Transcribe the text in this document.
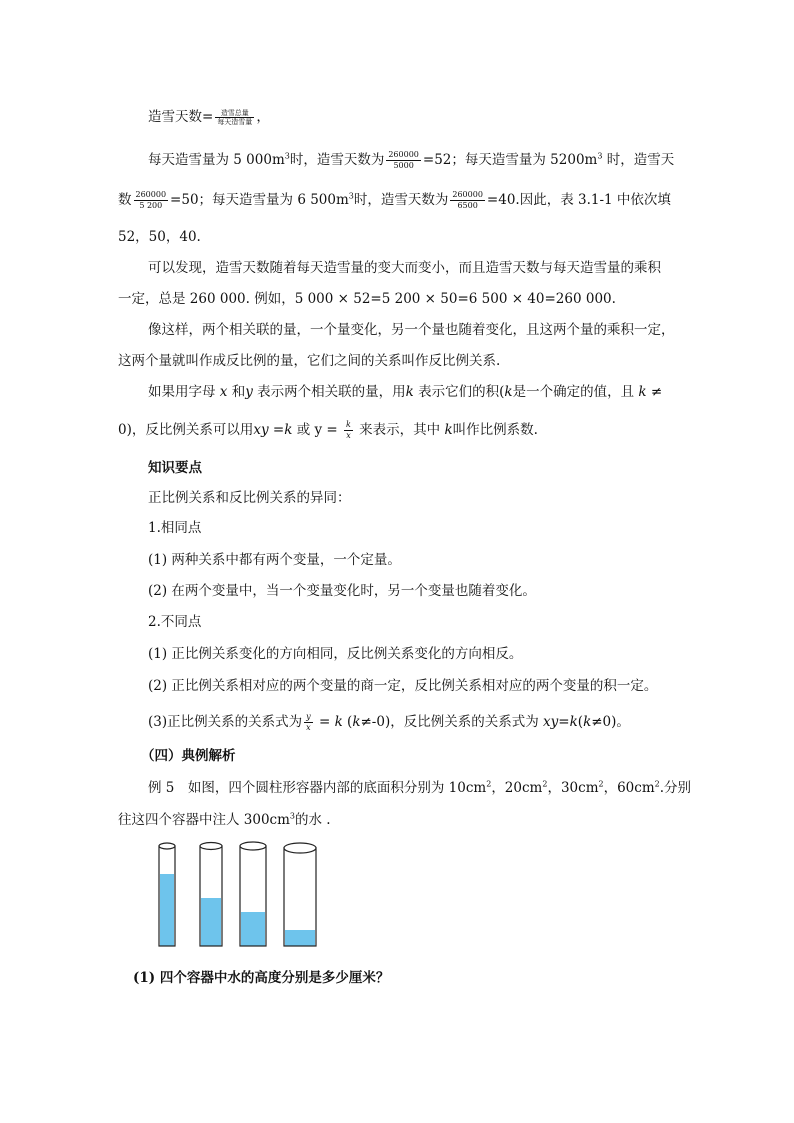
造雪天数= $\frac{\text{造雪总量}}{\text{每天造雪量}}$ ，
每天造雪量为 5 $000m^3$时，造雪天数为 $\frac{260000}{5000} =52$；每天造雪量为 $5200m^3$ 时，造雪天
数 $\frac{260000}{5 200} =50$；每天造雪量为 6 $500m^3$时，造雪天数为 $\frac{260000}{6500} =40$.因此，表 3.1-1 中依次填
52，50，40.
可以发现，造雪天数随着每天造雪量的变大而变小，而且造雪天数与每天造雪量的乘积
一定，总是 260 000. 例如，5 000 × 52=5 200 × 50=6 500 × 40=260 000.
像这样，两个相关联的量，一个量变化，另一个量也随着变化，且这两个量的乘积一定，
这两个量就叫作成反比例的量，它们之间的关系叫作反比例关系.
如果用字母 x 和y 表示两个相关联的量，用k 表示它们的积(k是一个确定的值，且 k ≠
0)，反比例关系可以用xy =k 或 $y = \frac{k}{x}$ 来表示，其中 k叫作比例系数.
知识要点
正比例关系和反比例关系的异同：
1.相同点
(1) 两种关系中都有两个变量，一个定量。
(2) 在两个变量中，当一个变量变化时，另一个变量也随着变化。
2.不同点
(1) 正比例关系变化的方向相同，反比例关系变化的方向相反。
(2) 正比例关系相对应的两个变量的商一定，反比例关系相对应的两个变量的积一定。
(3)正比例关系的关系式为 $\frac{y}{x} = k$ (k≠-0)，反比例关系的关系式为 xy=k(k≠0)。
（四）典例解析
例 5　如图，四个圆柱形容器内部的底面积分别为 $10cm^2$，$20cm^2$，$30cm^2$，$60cm^2$.分别
往这四个容器中注人 $300cm^3$的水 .
(1) 四个容器中水的高度分别是多少厘米？
